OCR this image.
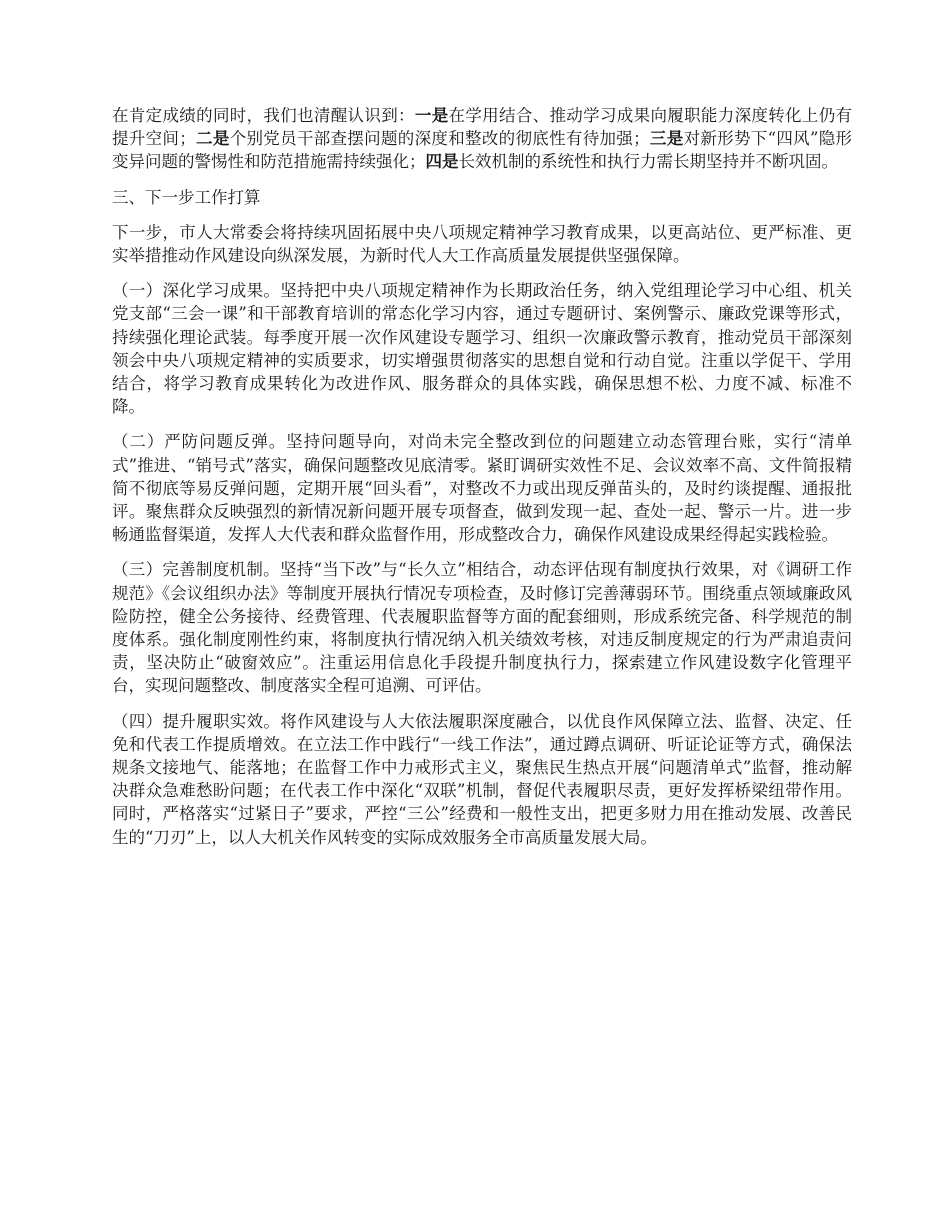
在肯定成绩的同时，我们也清醒认识到：一是在学用结合、推动学习成果向履职能力深度转化上仍有提升空间；二是个别党员干部查摆问题的深度和整改的彻底性有待加强；三是对新形势下“四风”隐形变异问题的警惕性和防范措施需持续强化；四是长效机制的系统性和执行力需长期坚持并不断巩固。

三、下一步工作打算

下一步，市人大常委会将持续巩固拓展中央八项规定精神学习教育成果，以更高站位、更严标准、更实举措推动作风建设向纵深发展，为新时代人大工作高质量发展提供坚强保障。

（一）深化学习成果。坚持把中央八项规定精神作为长期政治任务，纳入党组理论学习中心组、机关党支部“三会一课”和干部教育培训的常态化学习内容，通过专题研讨、案例警示、廉政党课等形式，持续强化理论武装。每季度开展一次作风建设专题学习、组织一次廉政警示教育，推动党员干部深刻领会中央八项规定精神的实质要求，切实增强贯彻落实的思想自觉和行动自觉。注重以学促干、学用结合，将学习教育成果转化为改进作风、服务群众的具体实践，确保思想不松、力度不减、标准不降。

（二）严防问题反弹。坚持问题导向，对尚未完全整改到位的问题建立动态管理台账，实行“清单式”推进、“销号式”落实，确保问题整改见底清零。紧盯调研实效性不足、会议效率不高、文件简报精简不彻底等易反弹问题，定期开展“回头看”，对整改不力或出现反弹苗头的，及时约谈提醒、通报批评。聚焦群众反映强烈的新情况新问题开展专项督查，做到发现一起、查处一起、警示一片。进一步畅通监督渠道，发挥人大代表和群众监督作用，形成整改合力，确保作风建设成果经得起实践检验。

（三）完善制度机制。坚持“当下改”与“长久立”相结合，动态评估现有制度执行效果，对《调研工作规范》《会议组织办法》等制度开展执行情况专项检查，及时修订完善薄弱环节。围绕重点领域廉政风险防控，健全公务接待、经费管理、代表履职监督等方面的配套细则，形成系统完备、科学规范的制度体系。强化制度刚性约束，将制度执行情况纳入机关绩效考核，对违反制度规定的行为严肃追责问责，坚决防止“破窗效应”。注重运用信息化手段提升制度执行力，探索建立作风建设数字化管理平台，实现问题整改、制度落实全程可追溯、可评估。

（四）提升履职实效。将作风建设与人大依法履职深度融合，以优良作风保障立法、监督、决定、任免和代表工作提质增效。在立法工作中践行“一线工作法”，通过蹲点调研、听证论证等方式，确保法规条文接地气、能落地；在监督工作中力戒形式主义，聚焦民生热点开展“问题清单式”监督，推动解决群众急难愁盼问题；在代表工作中深化“双联”机制，督促代表履职尽责，更好发挥桥梁纽带作用。同时，严格落实“过紧日子”要求，严控“三公”经费和一般性支出，把更多财力用在推动发展、改善民生的“刀刃”上，以人大机关作风转变的实际成效服务全市高质量发展大局。
